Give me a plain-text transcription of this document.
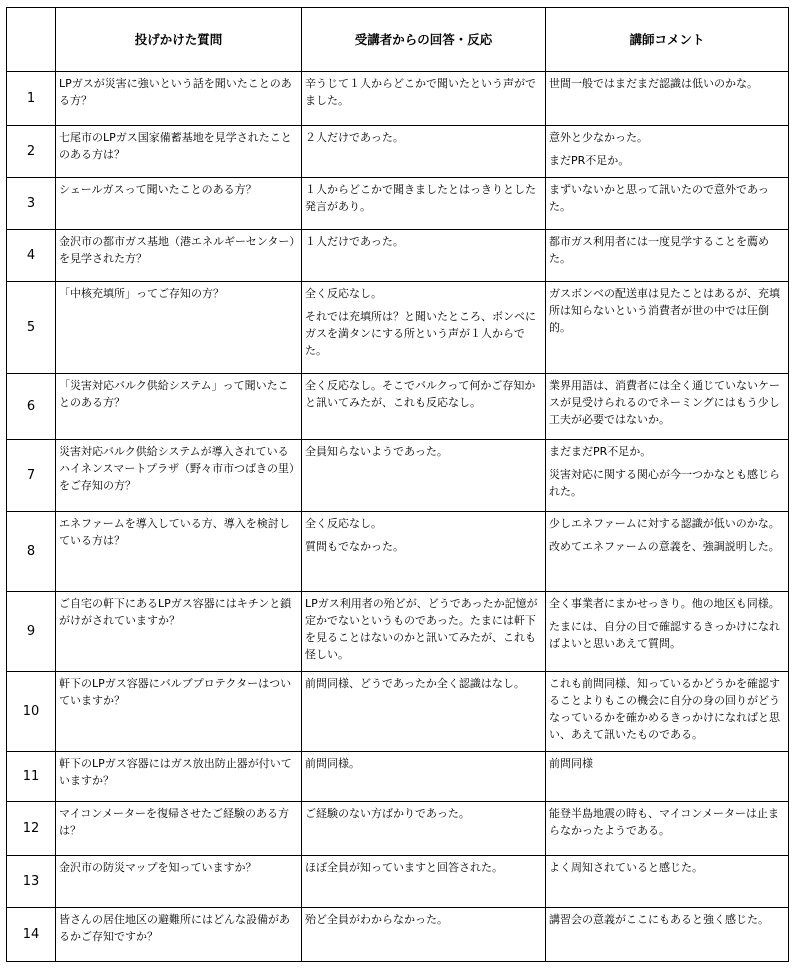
	投げかけた質問	受講者からの回答・反応	講師コメント
1	LPガスが災害に強いという話を聞いたことのある方？	辛うじて１人からどこかで聞いたという声がでました。	世間一般ではまだまだ認識は低いのかな。

2	七尾市のLPガス国家備蓄基地を見学されたことのある方は？	２人だけであった。	意外と少なかった。
まだPR不足か。

3	シェールガスって聞いたことのある方？	１人からどこかで聞きましたとはっきりとした発言があり。	まずいないかと思って訊いたので意外であった。

4	金沢市の都市ガス基地（港エネルギーセンター）を見学された方？	１人だけであった。	都市ガス利用者には一度見学することを薦めた。

5	「中核充填所」ってご存知の方？	全く反応なし。
それでは充填所は？と聞いたところ、ボンベにガスを満タンにする所という声が１人からでた。	ガスボンベの配送車は見たことはあるが、充填所は知らないという消費者が世の中では圧倒的。

6	「災害対応バルク供給システム」って聞いたことのある方？	全く反応なし。そこでバルクって何かご存知かと訊いてみたが、これも反応なし。	業界用語は、消費者には全く通じていないケースが見受けられるのでネーミングにはもう少し工夫が必要ではないか。

7	災害対応バルク供給システムが導入されているハイネンスマートプラザ（野々市市つばきの里）をご存知の方？	全員知らないようであった。	まだまだPR不足か。
災害対応に関する関心が今一つかなとも感じられた。

8	エネファームを導入している方、導入を検討している方は？	全く反応なし。
質問もでなかった。	少しエネファームに対する認識が低いのかな。
改めてエネファームの意義を、強調説明した。

9	ご自宅の軒下にあるLPガス容器にはキチンと鎖がけがされていますか？	LPガス利用者の殆どが、どうであったか記憶が定かでないというものであった。たまには軒下を見ることはないのかと訊いてみたが、これも怪しい。	全く事業者にまかせっきり。他の地区も同様。
たまには、自分の目で確認するきっかけになればよいと思いあえて質問。

10	軒下のLPガス容器にバルブプロテクターはついていますか？	前問同様、どうであったか全く認識はなし。	これも前問同様、知っているかどうかを確認することよりもこの機会に自分の身の回りがどうなっているかを確かめるきっかけになればと思い、あえて訊いたものである。

11	軒下のLPガス容器にはガス放出防止器が付いていますか？	前問同様。	前問同様

12	マイコンメーターを復帰させたご経験のある方は？	ご経験のない方ばかりであった。	能登半島地震の時も、マイコンメーターは止まらなかったようである。

13	金沢市の防災マップを知っていますか？	ほぼ全員が知っていますと回答された。	よく周知されていると感じた。

14	皆さんの居住地区の避難所にはどんな設備があるかご存知ですか？	殆ど全員がわからなかった。	講習会の意義がここにもあると強く感じた。
